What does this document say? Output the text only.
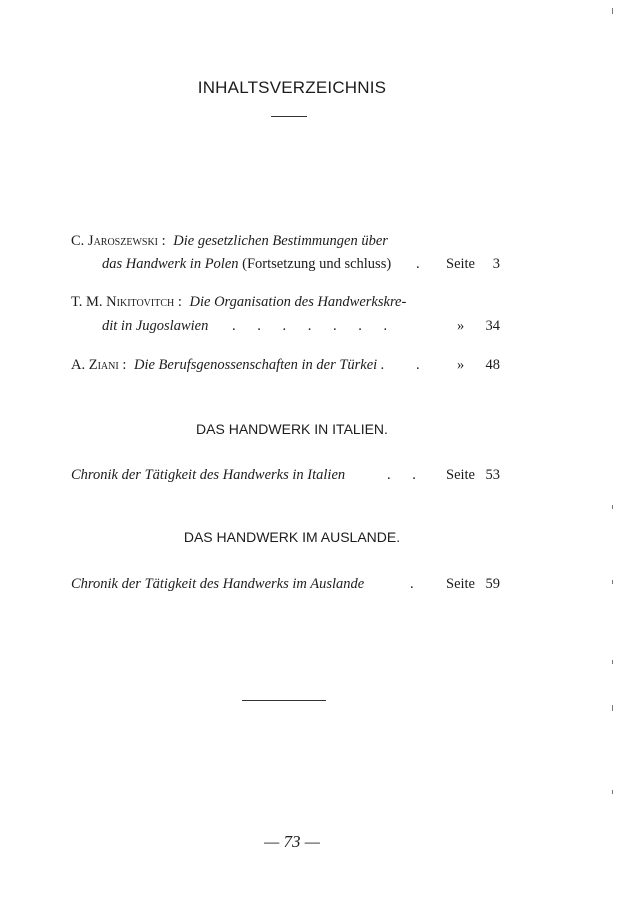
INHALTSVERZEICHNIS
C. Jaroszewski : Die gesetzlichen Bestimmungen über
das Handwerk in Polen (Fortsetzung und schluss) . Seite	3
T. M. Nikitovitch : Die Organisation des Handwerkskre-
dit in Jugoslawien . . . . . . .	»	34
A. Ziani : Die Berufsgenossenschaften in der Türkei . .	»	48
DAS HANDWERK IN ITALIEN.
Chronik der Tätigkeit des Handwerks in Italien	. . Seite 53
DAS HANDWERK IM AUSLANDE.
Chronik der Tätigkeit des Handwerks im Auslande	. Seite 59
— 73 —
